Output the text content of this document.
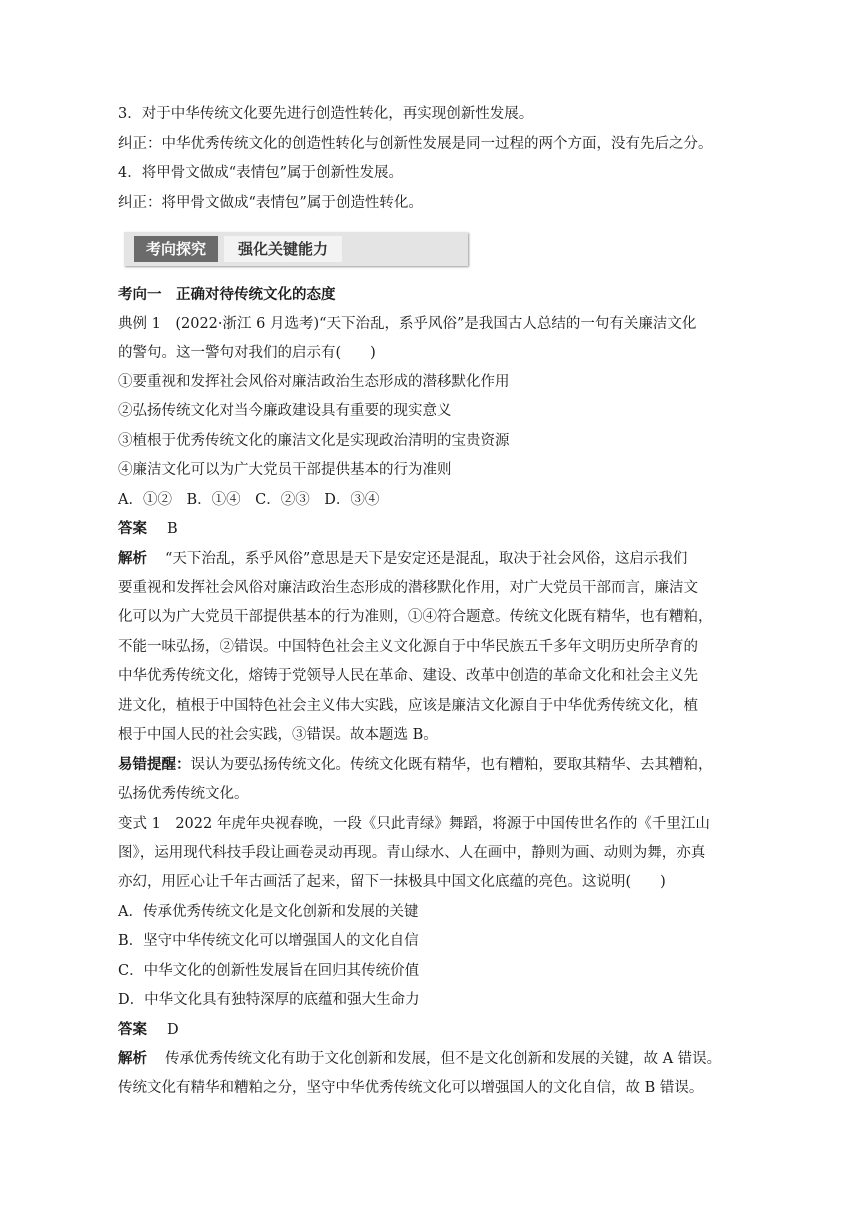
3．对于中华传统文化要先进行创造性转化，再实现创新性发展。
纠正：中华优秀传统文化的创造性转化与创新性发展是同一过程的两个方面，没有先后之分。
4．将甲骨文做成“表情包”属于创新性发展。
纠正：将甲骨文做成“表情包”属于创造性转化。
考向探究	强化关键能力
考向一　正确对待传统文化的态度
典例 1　(2022·浙江 6 月选考)“天下治乱，系乎风俗”是我国古人总结的一句有关廉洁文化
的警句。这一警句对我们的启示有(　　)
①要重视和发挥社会风俗对廉洁政治生态形成的潜移默化作用
②弘扬传统文化对当今廉政建设具有重要的现实意义
③植根于优秀传统文化的廉洁文化是实现政治清明的宝贵资源
④廉洁文化可以为广大党员干部提供基本的行为准则
A．①②　B．①④　C．②③　D．③④
答案 B
解析 “天下治乱，系乎风俗”意思是天下是安定还是混乱，取决于社会风俗，这启示我们
要重视和发挥社会风俗对廉洁政治生态形成的潜移默化作用，对广大党员干部而言，廉洁文
化可以为广大党员干部提供基本的行为准则，①④符合题意。传统文化既有精华，也有糟粕，
不能一味弘扬，②错误。中国特色社会主义文化源自于中华民族五千多年文明历史所孕育的
中华优秀传统文化，熔铸于党领导人民在革命、建设、改革中创造的革命文化和社会主义先
进文化，植根于中国特色社会主义伟大实践，应该是廉洁文化源自于中华优秀传统文化，植
根于中国人民的社会实践，③错误。故本题选 B。
易错提醒：误认为要弘扬传统文化。传统文化既有精华，也有糟粕，要取其精华、去其糟粕，
弘扬优秀传统文化。
变式 1　2022 年虎年央视春晚，一段《只此青绿》舞蹈，将源于中国传世名作的《千里江山
图》，运用现代科技手段让画卷灵动再现。青山绿水、人在画中，静则为画、动则为舞，亦真
亦幻，用匠心让千年古画活了起来，留下一抹极具中国文化底蕴的亮色。这说明(　　)
A．传承优秀传统文化是文化创新和发展的关键
B．坚守中华传统文化可以增强国人的文化自信
C．中华文化的创新性发展旨在回归其传统价值
D．中华文化具有独特深厚的底蕴和强大生命力
答案 D
解析 传承优秀传统文化有助于文化创新和发展，但不是文化创新和发展的关键，故 A 错误。
传统文化有精华和糟粕之分，坚守中华优秀传统文化可以增强国人的文化自信，故 B 错误。
